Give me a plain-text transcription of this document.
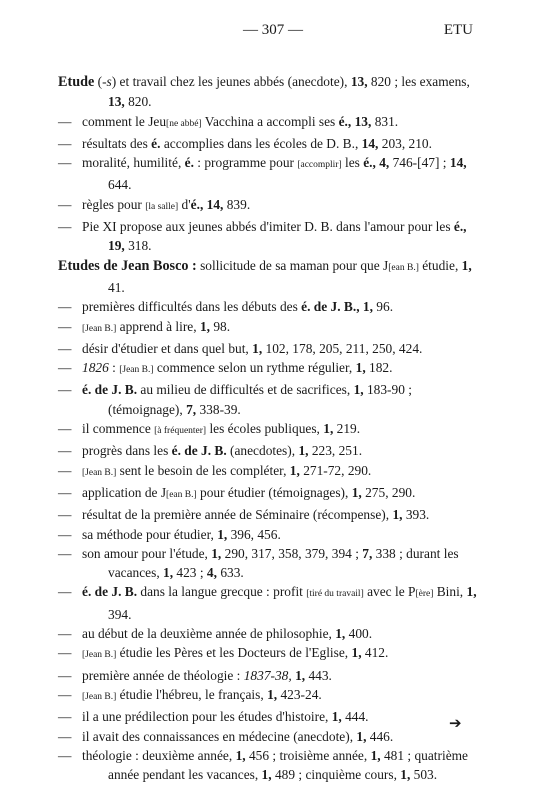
— 307 —	ETU
Etude (-s) et travail chez les jeunes abbés (anecdote), 13, 820 ; les examens, 13, 820.
— comment le Jeu[ne abbé] Vacchina a accompli ses é., 13, 831.
— résultats des é. accomplies dans les écoles de D. B., 14, 203, 210.
— moralité, humilité, é. : programme pour [accomplir] les é., 4, 746-[47] ; 14, 644.
— règles pour [la salle] d'é., 14, 839.
— Pie XI propose aux jeunes abbés d'imiter D. B. dans l'amour pour les é., 19, 318.
Etudes de Jean Bosco : sollicitude de sa maman pour que J[ean B.] étudie, 1, 41.
— premières difficultés dans les débuts des é. de J. B., 1, 96.
— [Jean B.] apprend à lire, 1, 98.
— désir d'étudier et dans quel but, 1, 102, 178, 205, 211, 250, 424.
— 1826 : [Jean B.] commence selon un rythme régulier, 1, 182.
— é. de J. B. au milieu de difficultés et de sacrifices, 1, 183-90 ; (témoignage), 7, 338-39.
— il commence [à fréquenter] les écoles publiques, 1, 219.
— progrès dans les é. de J. B. (anecdotes), 1, 223, 251.
— [Jean B.] sent le besoin de les compléter, 1, 271-72, 290.
— application de J[ean B.] pour étudier (témoignages), 1, 275, 290.
— résultat de la première année de Séminaire (récompense), 1, 393.
— sa méthode pour étudier, 1, 396, 456.
— son amour pour l'étude, 1, 290, 317, 358, 379, 394 ; 7, 338 ; durant les vacances, 1, 423 ; 4, 633.
— é. de J. B. dans la langue grecque : profit [tiré du travail] avec le P[ère] Bini, 1, 394.
— au début de la deuxième année de philosophie, 1, 400.
— [Jean B.] étudie les Pères et les Docteurs de l'Eglise, 1, 412.
— première année de théologie : 1837-38, 1, 443.
— [Jean B.] étudie l'hébreu, le français, 1, 423-24.
— il a une prédilection pour les études d'histoire, 1, 444.
— il avait des connaissances en médecine (anecdote), 1, 446.
— théologie : deuxième année, 1, 456 ; troisième année, 1, 481 ; quatrième année pendant les vacances, 1, 489 ; cinquième cours, 1, 503.
➔
